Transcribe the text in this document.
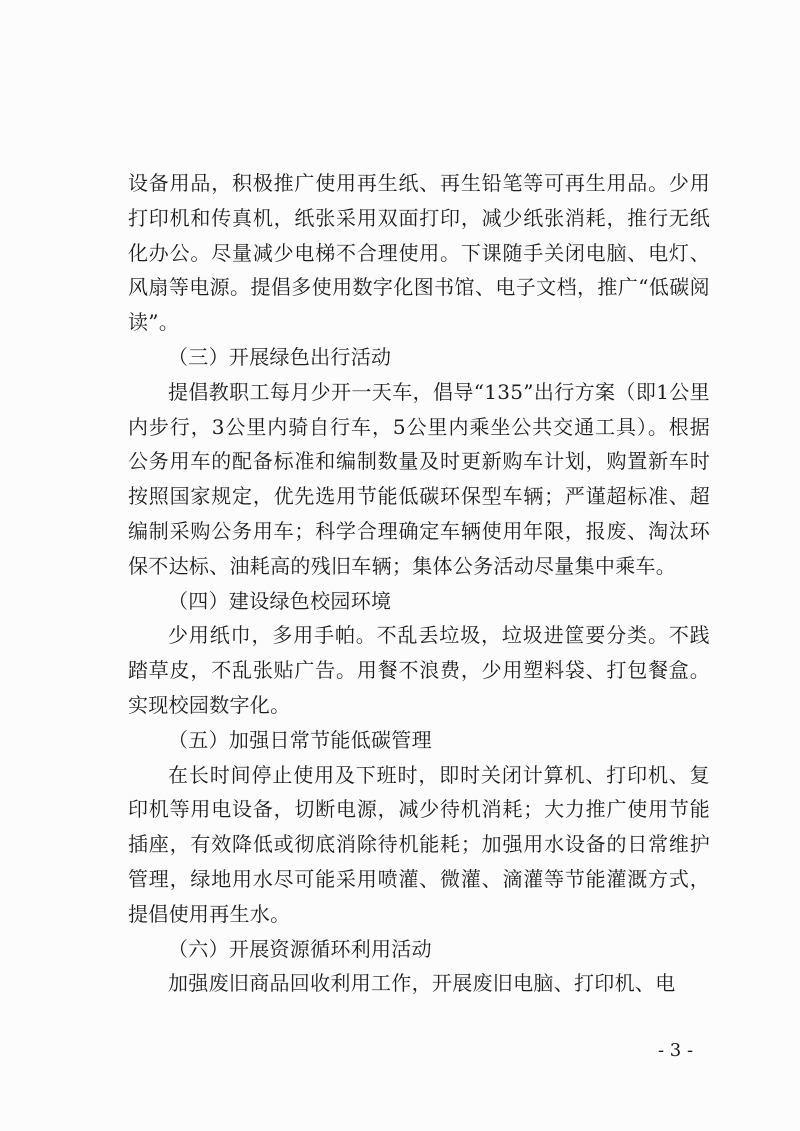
设备用品，积极推广使用再生纸、再生铅笔等可再生用品。少用打印机和传真机，纸张采用双面打印，减少纸张消耗，推行无纸化办公。尽量减少电梯不合理使用。下课随手关闭电脑、电灯、风扇等电源。提倡多使用数字化图书馆、电子文档，推广“低碳阅读”。

（三）开展绿色出行活动

提倡教职工每月少开一天车，倡导“135”出行方案（即1公里内步行，3公里内骑自行车，5公里内乘坐公共交通工具）。根据公务用车的配备标准和编制数量及时更新购车计划，购置新车时按照国家规定，优先选用节能低碳环保型车辆；严谨超标准、超编制采购公务用车；科学合理确定车辆使用年限，报废、淘汰环保不达标、油耗高的残旧车辆；集体公务活动尽量集中乘车。

（四）建设绿色校园环境

少用纸巾，多用手帕。不乱丢垃圾，垃圾进筐要分类。不践踏草皮，不乱张贴广告。用餐不浪费，少用塑料袋、打包餐盒。实现校园数字化。

（五）加强日常节能低碳管理

在长时间停止使用及下班时，即时关闭计算机、打印机、复印机等用电设备，切断电源，减少待机消耗；大力推广使用节能插座，有效降低或彻底消除待机能耗；加强用水设备的日常维护管理，绿地用水尽可能采用喷灌、微灌、滴灌等节能灌溉方式，提倡使用再生水。

（六）开展资源循环利用活动

加强废旧商品回收利用工作，开展废旧电脑、打印机、电

- 3 -
